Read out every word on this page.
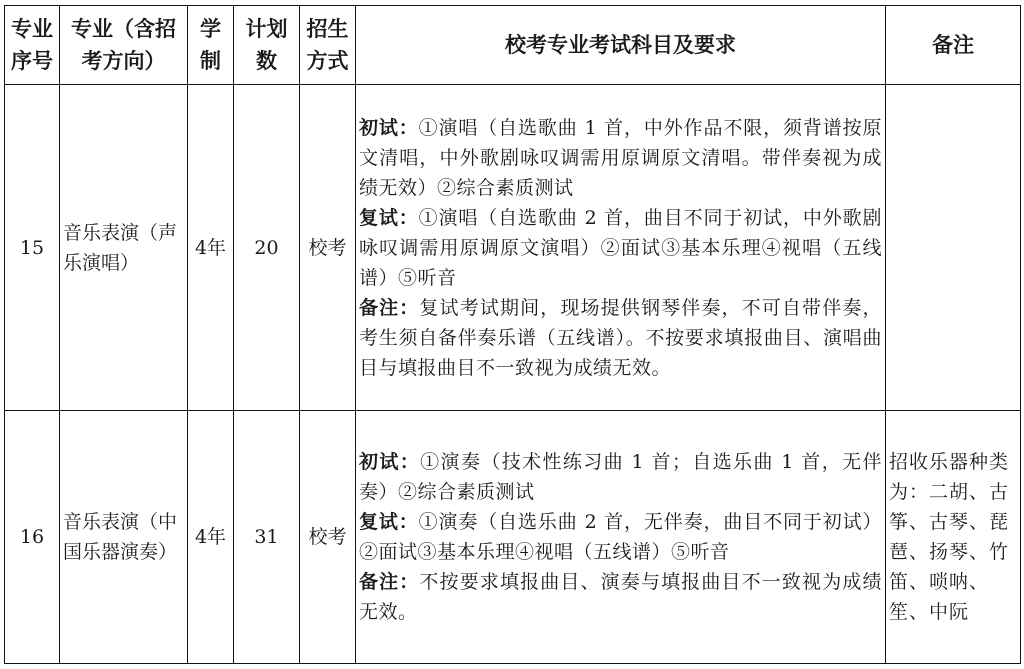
专业序号	专业（含招考方向）	学制	计划数	招生方式	校考专业考试科目及要求	备注
15	音乐表演（声乐演唱）	4年	20	校考	初试：①演唱（自选歌曲 1 首，中外作品不限，须背谱按原文清唱，中外歌剧咏叹调需用原调原文清唱。带伴奏视为成绩无效）②综合素质测试
复试：①演唱（自选歌曲 2 首，曲目不同于初试，中外歌剧咏叹调需用原调原文演唱）②面试③基本乐理④视唱（五线谱）⑤听音
备注：复试考试期间，现场提供钢琴伴奏，不可自带伴奏，考生须自备伴奏乐谱（五线谱）。不按要求填报曲目、演唱曲目与填报曲目不一致视为成绩无效。	

16	音乐表演（中国乐器演奏）	4年	31	校考	初试：①演奏（技术性练习曲 1 首；自选乐曲 1 首，无伴奏）②综合素质测试
复试：①演奏（自选乐曲 2 首，无伴奏，曲目不同于初试）②面试③基本乐理④视唱（五线谱）⑤听音
备注：不按要求填报曲目、演奏与填报曲目不一致视为成绩无效。	招收乐器种类为：二胡、古筝、古琴、琵琶、扬琴、竹笛、唢呐、笙、中阮
